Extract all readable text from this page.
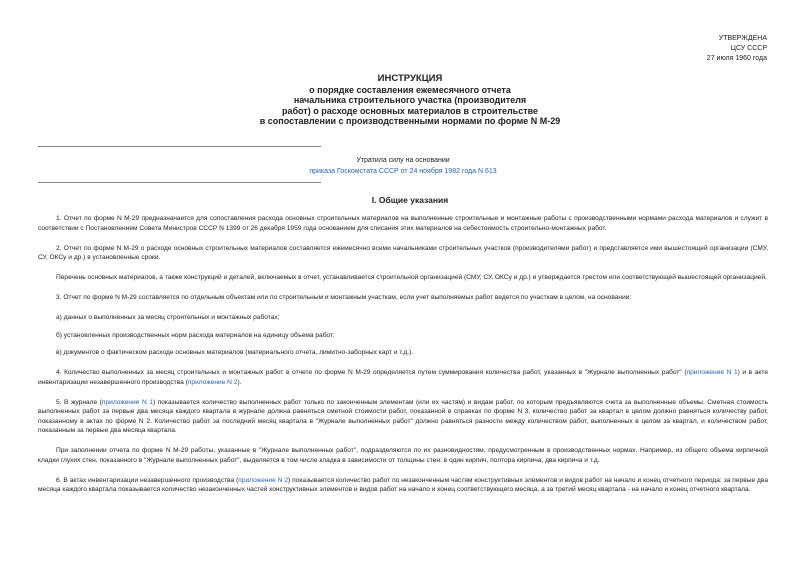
УТВЕРЖДЕНА
ЦСУ СССР
27 июля 1960 года
ИНСТРУКЦИЯ
о порядке составления ежемесячного отчета
начальника строительного участка (производителя
работ) о расходе основных материалов в строительстве
в сопоставлении с производственными нормами по форме N М-29
Утратила силу на основании
приказа Госкомстата СССР от 24 ноября 1982 года N 613
I. Общие указания

1. Отчет по форме N М-29 предназначается для сопоставления расхода основных строительных материалов на выполненные строительные и монтажные работы с производственными нормами расхода материалов и служит в соответствии с Постановлением Совета Министров СССР N 1399 от 26 декабря 1959 года основанием для списания этих материалов на себестоимость строительно-монтажных работ.

2. Отчет по форме N М-29 о расходе основных строительных материалов составляется ежемесячно всеми начальниками строительных участков (производителями работ) и представляется ими вышестоящей организации (СМУ, СУ, ОКСу и др.) в установленные сроки.

Перечень основных материалов, а также конструкций и деталей, включаемых в отчет, устанавливается строительной организацией (СМУ, СУ, ОКСу и др.) и утверждается трестом или соответствующей вышестоящей организацией.

3. Отчет по форме N М-29 составляется по отдельным объектам или по строительным и монтажным участкам, если учет выполняемых работ ведется по участкам в целом, на основании:

а) данных о выполненных за месяц строительных и монтажных работах;

б) установленных производственных норм расхода материалов на единицу объема работ;

в) документов о фактическом расходе основных материалов (материального отчета, лимитно-заборных карт и т.д.).

4. Количество выполненных за месяц строительных и монтажных работ в отчете по форме N М-29 определяется путем суммирования количества работ, указанных в "Журнале выполненных работ" (приложение N 1) и в акте инвентаризации незавершенного производства (приложение N 2).

5. В журнале (приложение N 1) показывается количество выполненных работ только по законченным элементам (или их частям) и видам работ, по которым предъявляются счета за выполненные объемы. Сметная стоимость выполненных работ за первые два месяца каждого квартала в журнале должна равняться сметной стоимости работ, показанной в справках по форме N 3; количество работ за квартал в целом должно равняться количеству работ, показанному в актах по форме N 2. Количество работ за последний месяц квартала в "Журнале выполненных работ" должно равняться разности между количеством работ, выполненных в целом за квартал, и количеством работ, показанным за первые два месяца квартала.

При заполнении отчета по форме N М-29 работы, указанные в "Журнале выполненных работ", подразделяются по их разновидностям, предусмотренным в производственных нормах. Например, из общего объема кирпичной кладки глухих стен, показанного в "Журнале выполненных работ", выделяется в том числе кладка в зависимости от толщины стен: в один кирпич, полтора кирпича, два кирпича и т.д.

6. В актах инвентаризации незавершенного производства (приложение N 2) показывается количество работ по незаконченным частям конструктивных элементов и видов работ на начало и конец отчетного периода: за первые два месяца каждого квартала показывается количество незаконченных частей конструктивных элементов и видов работ на начало и конец соответствующего месяца, а за третий месяц квартала - на начало и конец отчетного квартала.
